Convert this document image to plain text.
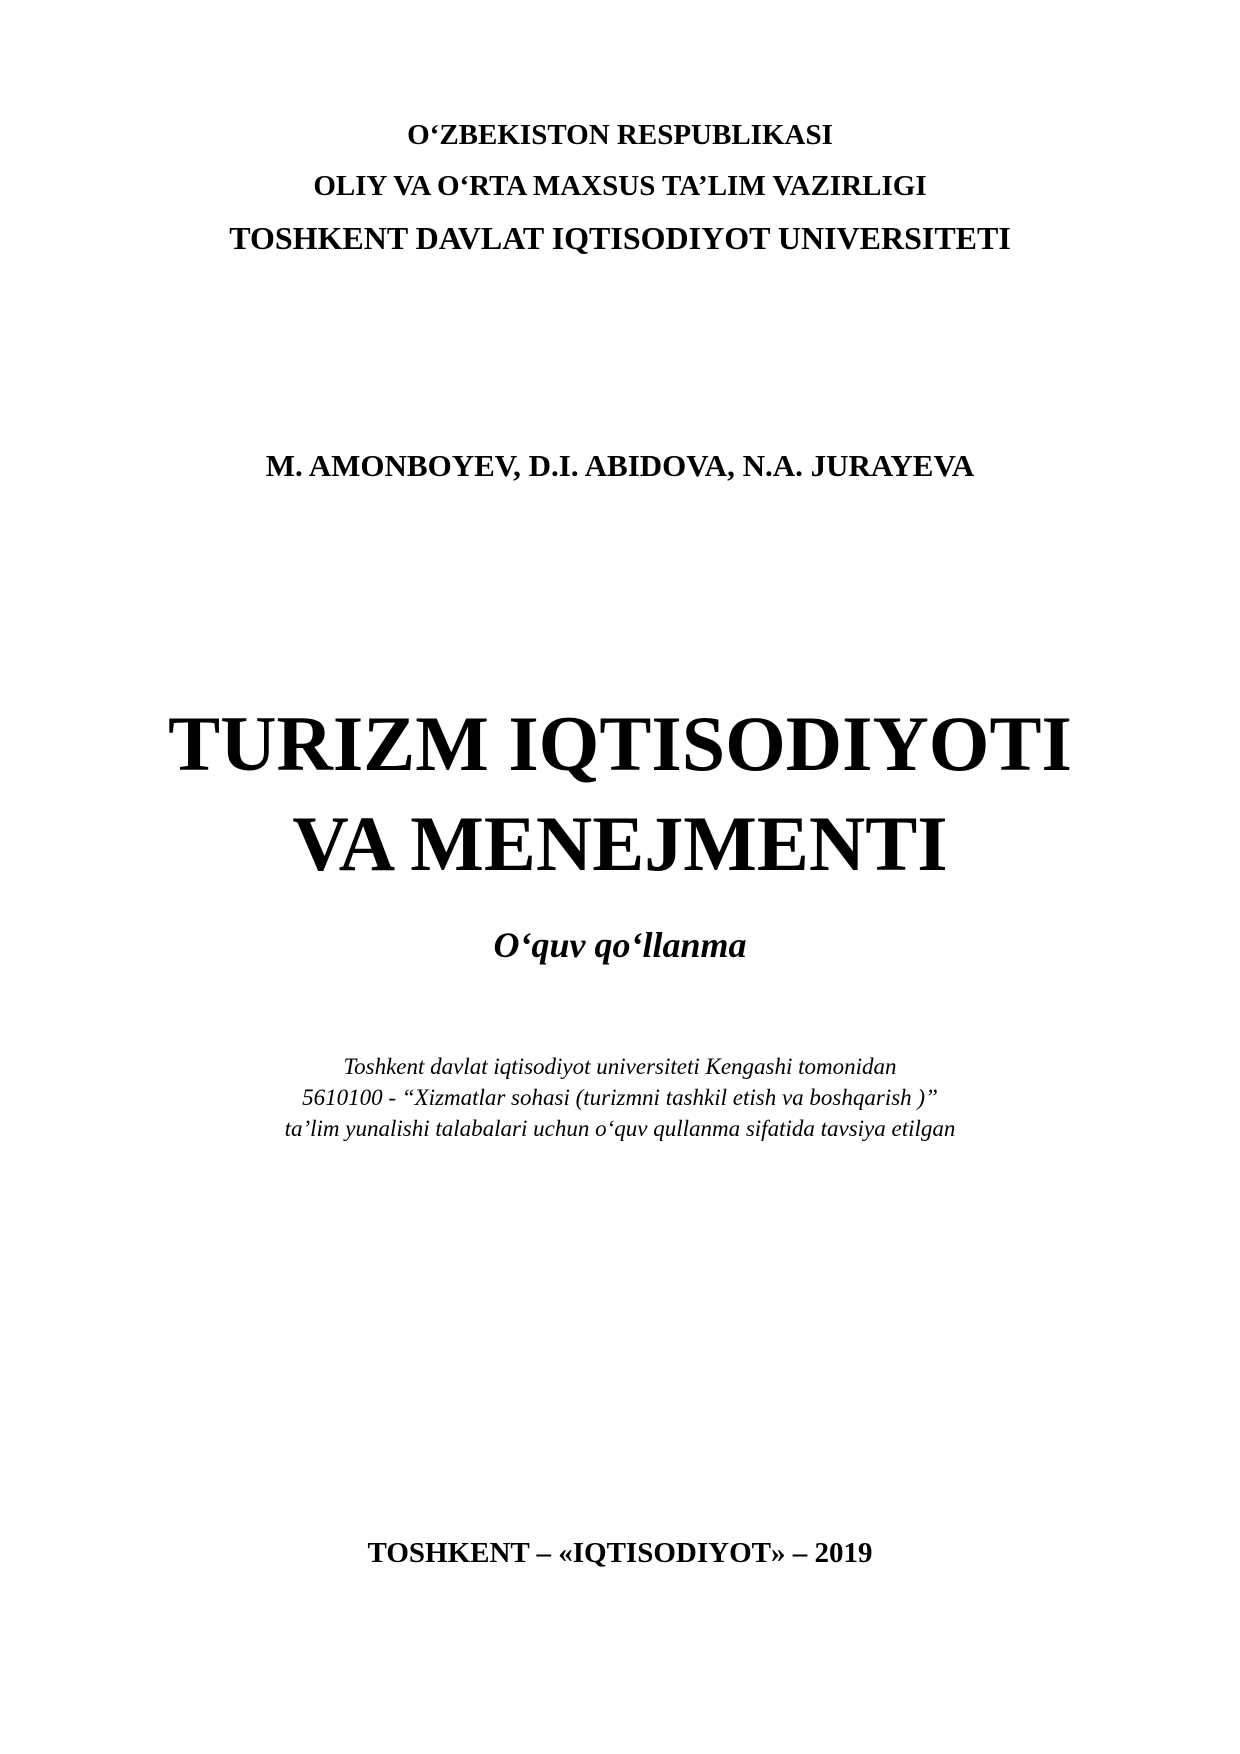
O‘ZBEKISTON RESPUBLIKASI

OLIY VA O‘RTA MAXSUS TA’LIM VAZIRLIGI

TOSHKENT DAVLAT IQTISODIYOT UNIVERSITETI

M. AMONBOYEV, D.I. ABIDOVA, N.A. JURAYEVA

TURIZM IQTISODIYOTI
VA MENEJMENTI

O‘quv qo‘llanma

Toshkent davlat iqtisodiyot universiteti Kengashi tomonidan

5610100 - “Xizmatlar sohasi (turizmni tashkil etish va boshqarish )”

ta’lim yunalishi talabalari uchun o‘quv qullanma sifatida tavsiya etilgan

TOSHKENT – «IQTISODIYOT» – 2019
